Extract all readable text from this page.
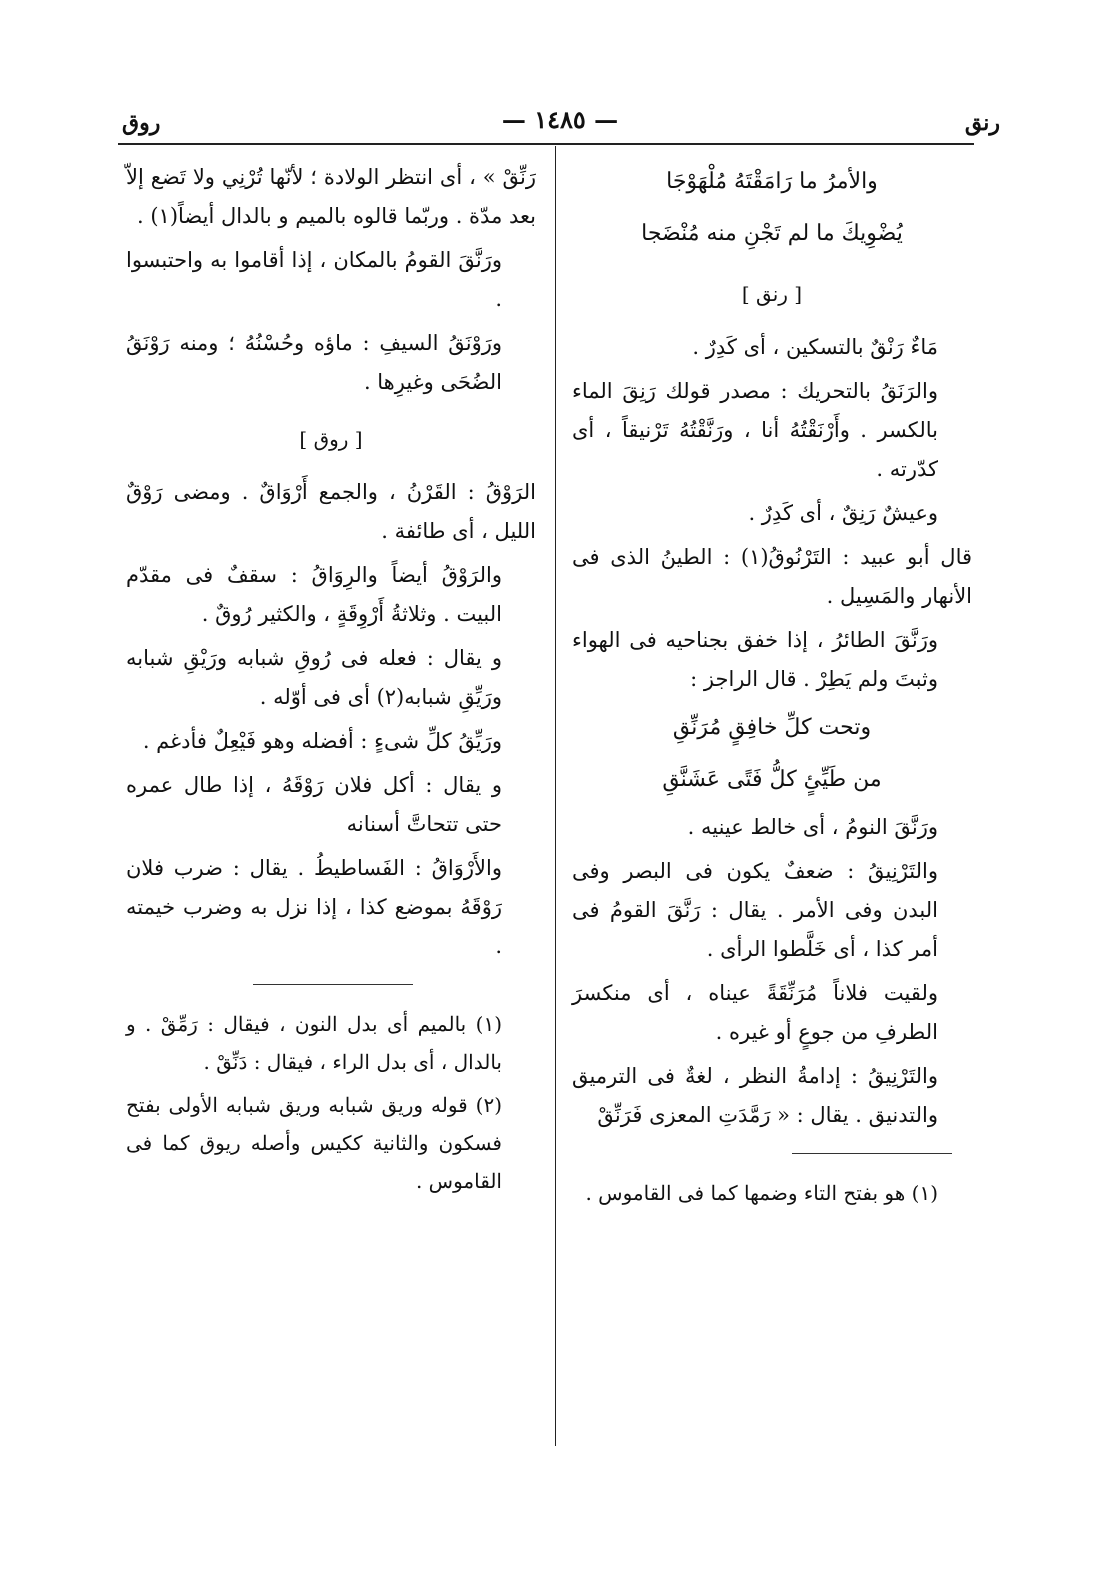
روق	— ١٤٨٥ —	رنق

والأمرُ ما رَامَقْتَهُ مُلْهَوْجَا

يُضْوِيكَ ما لم تَجْنِ منه مُنْضَجا

[ رنق ]

مَاءٌ رَنْقٌ بالتسكين ، أى كَدِرٌ .

والرَنَقُ بالتحريك : مصدر قولك رَنِقَ الماء بالكسر . وأَرْنَقْتُهُ أنا ، ورَنَّقْتُهُ تَرْنيقاً ، أى كدّرته .

وعيشٌ رَنِقٌ ، أى كَدِرٌ .

قال أبو عبيد : التَرْنُوقُ(١) : الطينُ الذى فى الأنهار والمَسِيل .

ورَنَّقَ الطائرُ ، إذا خفق بجناحيه فى الهواء وثبتَ ولم يَطِرْ . قال الراجز :

وتحت كلِّ خافِقٍ مُرَنِّقِ

من طَيِّئٍ كلُّ فَتًى عَشَنَّقِ

ورَنَّقَ النومُ ، أى خالط عينيه .

والتَرْنِيقُ : ضعفٌ يكون فى البصر وفى البدن وفى الأمر . يقال : رَنَّقَ القومُ فى أمر كذا ، أى خَلَّطوا الرأى .

ولقيت فلاناً مُرَنِّقَةً عيناه ، أى منكسرَ الطرفِ من جوعٍ أو غيره .

والتَرْنِيقُ : إدامةُ النظر ، لغةٌ فى الترميق والتدنيق . يقال : « رَمَّدَتِ المعزى فَرَنِّقْ

(١) هو بفتح التاء وضمها كما فى القاموس .

رَنِّقْ » ، أى انتظر الولادة ؛ لأنّها تُرْنِي ولا تَضع إلاّ بعد مدّة . وربّما قالوه بالميم و بالدال أيضاً(١) .

ورَنَّقَ القومُ بالمكان ، إذا أقاموا به واحتبسوا .

ورَوْنَقُ السيفِ : ماؤه وحُسْنُهُ ؛ ومنه رَوْنَقُ الضُحَى وغيرِها .

[ روق ]

الرَوْقُ : القَرْنُ ، والجمع أَرْوَاقٌ . ومضى رَوْقٌ الليل ، أى طائفة .

والرَوْقُ أيضاً والرِوَاقُ : سقفٌ فى مقدّم البيت . وثلاثةُ أَرْوِقَةٍ ، والكثير رُوقٌ .

و يقال : فعله فى رُوقِ شبابه ورَيْقِ شبابه ورَيِّقِ شبابه(٢) أى فى أوّله .

ورَيِّقُ كلِّ شىءٍ : أفضله وهو فَيْعِلٌ فأدغم .

و يقال : أكل فلان رَوْقَهُ ، إذا طال عمره حتى تتحاتَّ أسنانه

والأَرْوَاقُ : الفَساطيطُ . يقال : ضرب فلان رَوْقَهُ بموضع كذا ، إذا نزل به وضرب خيمته .

(١) بالميم أى بدل النون ، فيقال : رَمِّقْ . و بالدال ، أى بدل الراء ، فيقال : دَنِّقْ .

(٢) قوله وريق شبابه وريق شبابه الأولى بفتح فسكون والثانية ككيس وأصله ريوق كما فى القاموس .
